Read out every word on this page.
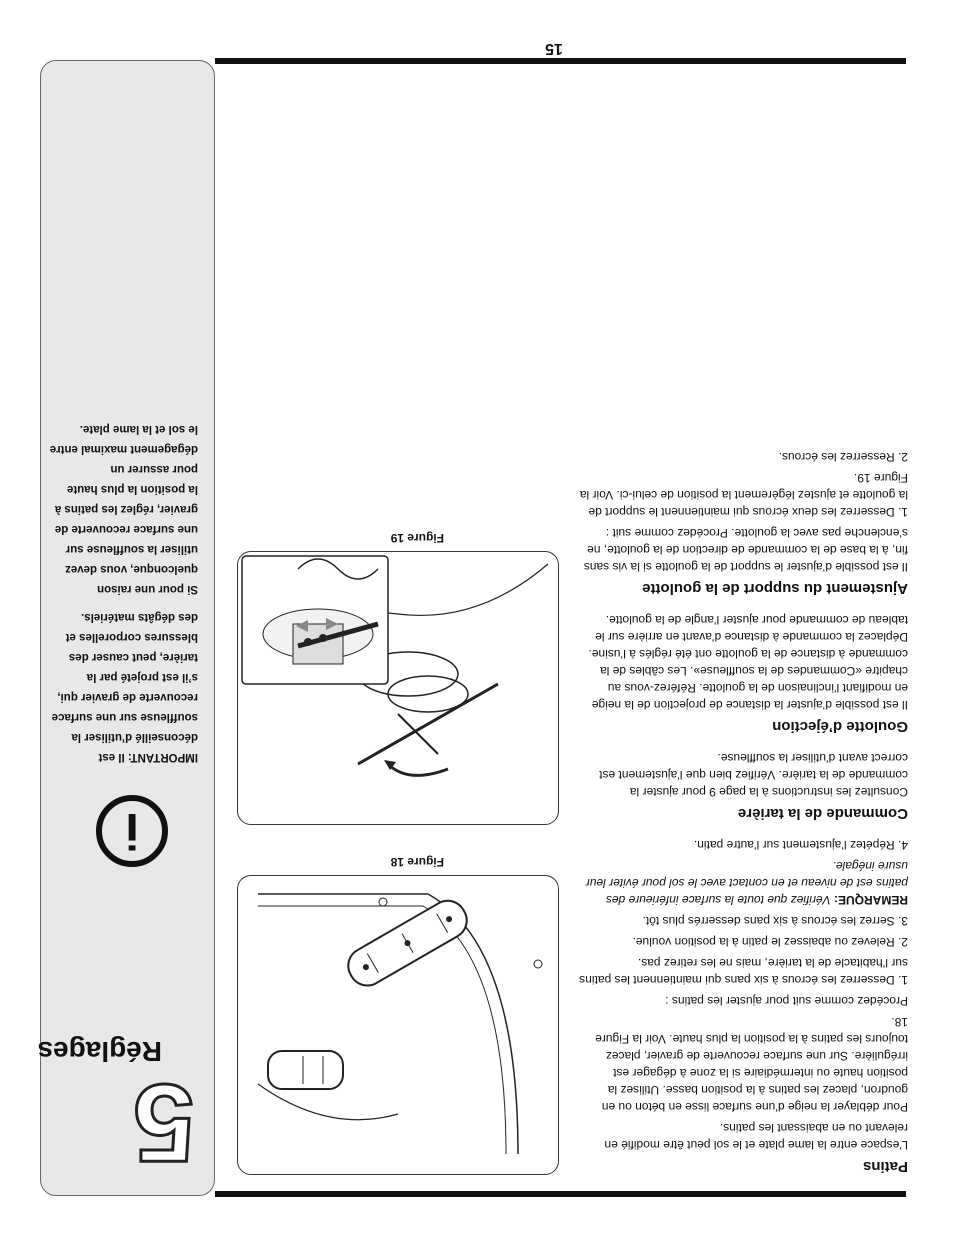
15
5
Réglages
i

IMPORTANT: Il est déconseillé d’utiliser la souffleuse sur une surface recouverte de gravier qui, s’il est projeté par la tarière, peut causer des blessures corporelles et des dégâts matériels.

Si pour une raison quelconque, vous devez utiliser la souffleuse sur une surface recouverte de gravier, réglez les patins à la position la plus haute pour assurer un dégagement maximal entre le sol et la lame plate.

Patins

L’espace entre la lame plate et le sol peut être modifié en relevant ou en abaissant les patins.

Pour déblayer la neige d’une surface lisse en béton ou en goudron, placez les patins à la position basse. Utilisez la position haute ou intermédiaire si la zone à dégager est irrégulière. Sur une surface recouverte de gravier, placez toujours les patins à la position la plus haute. Voir la Figure 18.

Procédez comme suit pour ajuster les patins :

1. Desserrez les écrous à six pans qui maintiennent les patins sur l’habitacle de la tarière, mais ne les retirez pas.

2. Relevez ou abaissez le patin à la position voulue.

3. Serrez les écrous à six pans desserrés plus tôt.

REMARQUE: Vérifiez que toute la surface inférieure des patins est de niveau et en contact avec le sol pour éviter leur usure inégale.

4. Répétez l’ajustement sur l’autre patin.

Commande de la tarière

Consultez les instructions à la page 9 pour ajuster la commande de la tarière. Vérifiez bien que l’ajustement est correct avant d’utiliser la souffleuse.

Goulotte d’éjection

Il est possible d’ajuster la distance de projection de la neige en modifiant l’inclinaison de la goulotte. Référez-vous au chapitre «Commandes de la souffleuse». Les câbles de la commande à distance de la goulotte ont été réglés à l’usine. Déplacez la commande à distance d’avant en arrière sur le tableau de commande pour ajuster l’angle de la goulotte.

Ajustement du support de la goulotte

Il est possible d’ajuster le support de la goulotte si la vis sans fin, à la base de la commande de direction de la goulotte, ne s’enclenche pas avec la goulotte. Procédez comme suit :

1. Desserrez les deux écrous qui maintiennent le support de la goulotte et ajustez légèrement la position de celui-ci. Voir la Figure 19.

2. Resserrez les écrous.

Figure 18
Figure 19
